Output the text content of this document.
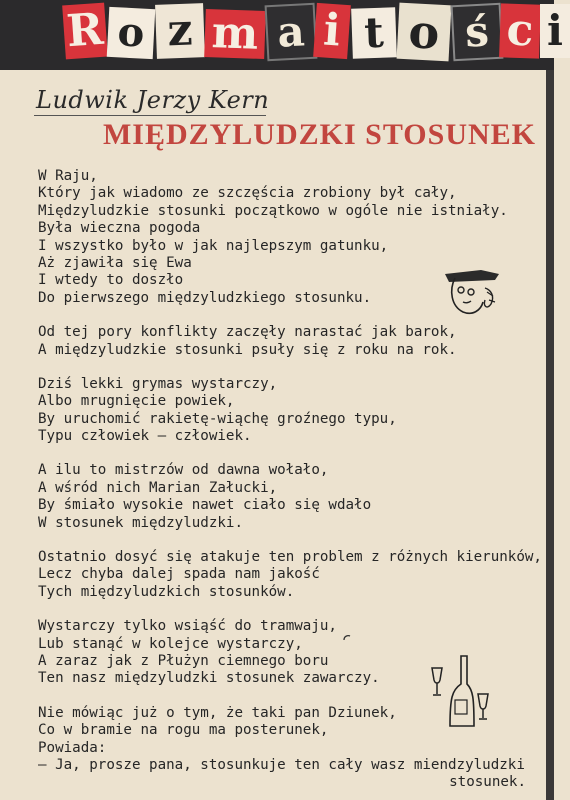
R o z m a i t o ś c i
Ludwik Jerzy Kern
MIĘDZYLUDZKI STOSUNEK
W Raju,
Który jak wiadomo ze szczęścia zrobiony był cały,
Międzyludzkie stosunki początkowo w ogóle nie istniały.
Była wieczna pogoda
I wszystko było w jak najlepszym gatunku,
Aż zjawiła się Ewa
I wtedy to doszło
Do pierwszego międzyludzkiego stosunku.
Od tej pory konflikty zaczęły narastać jak barok,
A międzyludzkie stosunki psuły się z roku na rok.
Dziś lekki grymas wystarczy,
Albo mrugnięcie powiek,
By uruchomić rakietę-wiąchę groźnego typu,
Typu człowiek — człowiek.
A ilu to mistrzów od dawna wołało,
A wśród nich Marian Załucki,
By śmiało wysokie nawet ciało się wdało
W stosunek międzyludzki.
Ostatnio dosyć się atakuje ten problem z różnych kierunków,
Lecz chyba dalej spada nam jakość
Tych międzyludzkich stosunków.
Wystarczy tylko wsiąść do tramwaju,
Lub stanąć w kolejce wystarczy,
A zaraz jak z Płużyn ciemnego boru
Ten nasz międzyludzki stosunek zawarczy.
Nie mówiąc już o tym, że taki pan Dziunek,
Co w bramie na rogu ma posterunek,
Powiada:
— Ja, prosze pana, stosunkuje ten cały wasz miendzyludzki
stosunek.
